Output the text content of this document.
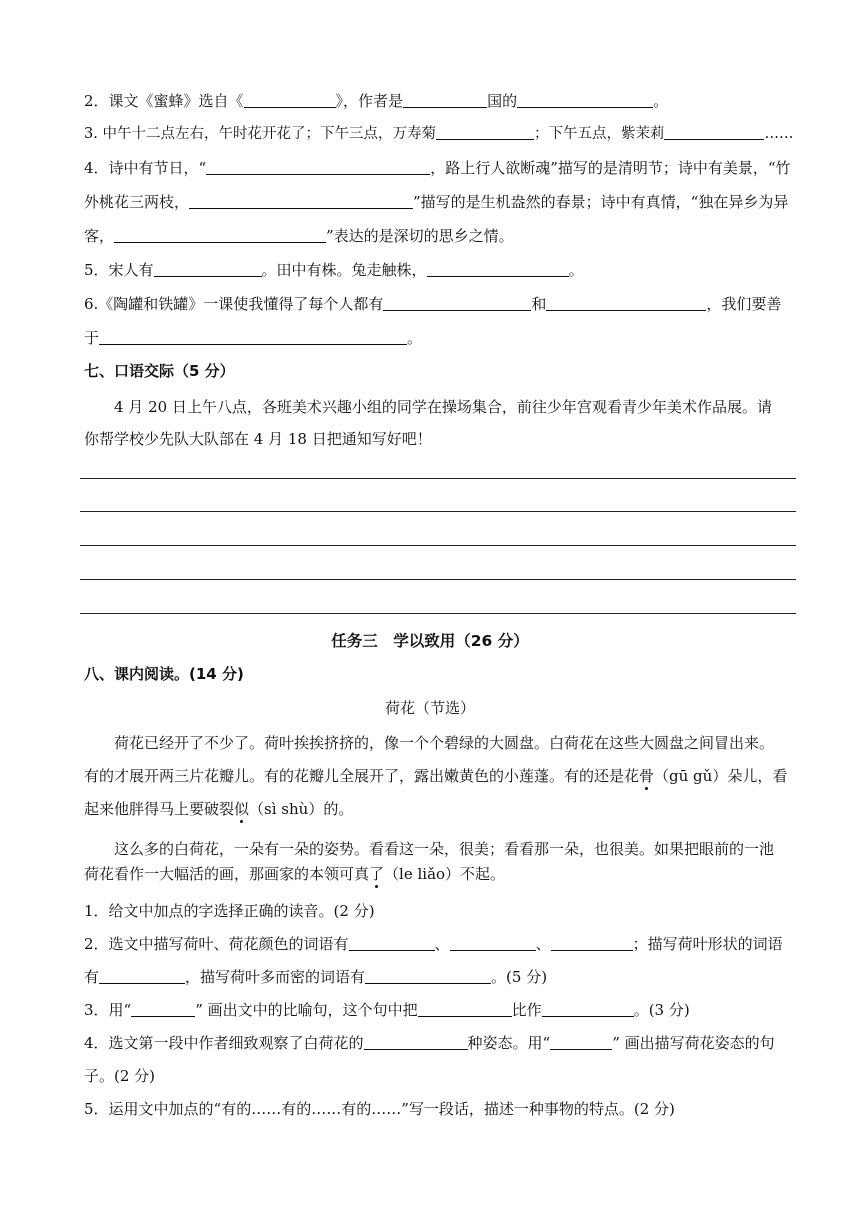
2．课文《蜜蜂》选自《	》，作者是	国的	。
3. 中午十二点左右，午时花开花了；下午三点，万寿菊	；下午五点，紫茉莉	……
4．诗中有节日，“	，路上行人欲断魂”描写的是清明节；诗中有美景，“竹
外桃花三两枝，	”描写的是生机盎然的春景；诗中有真情，“独在异乡为异
客，	”表达的是深切的思乡之情。
5．宋人有	。田中有株。兔走触株，	。
6.《陶罐和铁罐》一课使我懂得了每个人都有	和	，我们要善
于	。
七、口语交际（5 分）
4 月 20 日上午八点，各班美术兴趣小组的同学在操场集合，前往少年宫观看青少年美术作品展。请
你帮学校少先队大队部在 4 月 18 日把通知写好吧！
任务三　学以致用（26 分）
八、课内阅读。(14 分)
荷花（节选）
荷花已经开了不少了。荷叶挨挨挤挤的，像一个个碧绿的大圆盘。白荷花在这些大圆盘之间冒出来。
有的才展开两三片花瓣儿。有的花瓣儿全展开了，露出嫩黄色的小莲蓬。有的还是花骨（gū gǔ）朵儿，看
起来他胖得马上要破裂似（sì shù）的。
这么多的白荷花，一朵有一朵的姿势。看看这一朵，很美；看看那一朵，也很美。如果把眼前的一池
荷花看作一大幅活的画，那画家的本领可真了（le liǎo）不起。
1．给文中加点的字选择正确的读音。(2 分)
2．选文中描写荷叶、荷花颜色的词语有	、	、	；描写荷叶形状的词语
有	，描写荷叶多而密的词语有	。(5 分)
3．用“	” 画出文中的比喻句，这个句中把	比作	。(3 分)
4．选文第一段中作者细致观察了白荷花的	种姿态。用“	” 画出描写荷花姿态的句
子。(2 分)
5．运用文中加点的“有的……有的……有的……”写一段话，描述一种事物的特点。(2 分)
